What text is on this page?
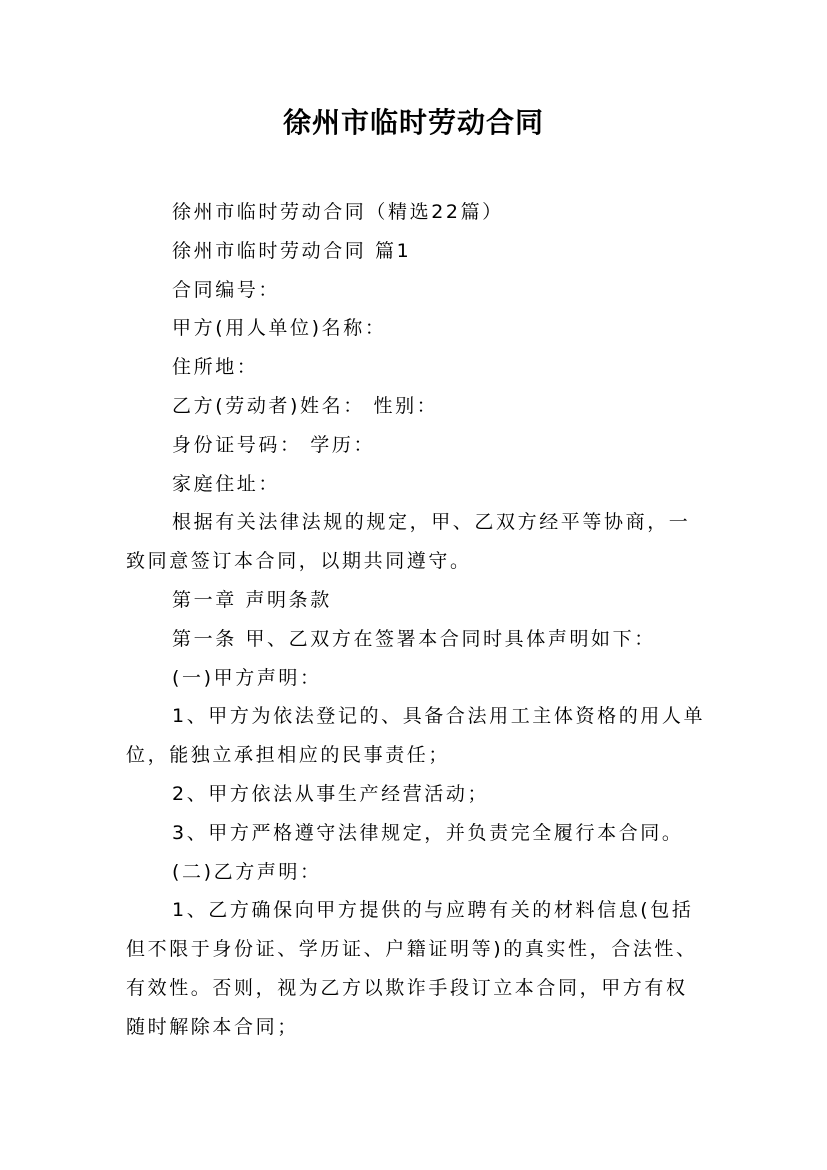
徐州市临时劳动合同

徐州市临时劳动合同（精选22篇）

徐州市临时劳动合同 篇1

合同编号：

甲方(用人单位)名称：

住所地：

乙方(劳动者)姓名： 性别：

身份证号码： 学历：

家庭住址：

根据有关法律法规的规定，甲、乙双方经平等协商，一致同意签订本合同，以期共同遵守。

第一章 声明条款

第一条 甲、乙双方在签署本合同时具体声明如下：

(一)甲方声明：

1、甲方为依法登记的、具备合法用工主体资格的用人单位，能独立承担相应的民事责任；

2、甲方依法从事生产经营活动；

3、甲方严格遵守法律规定，并负责完全履行本合同。

(二)乙方声明：

1、乙方确保向甲方提供的与应聘有关的材料信息(包括但不限于身份证、学历证、户籍证明等)的真实性，合法性、有效性。否则，视为乙方以欺诈手段订立本合同，甲方有权随时解除本合同；
